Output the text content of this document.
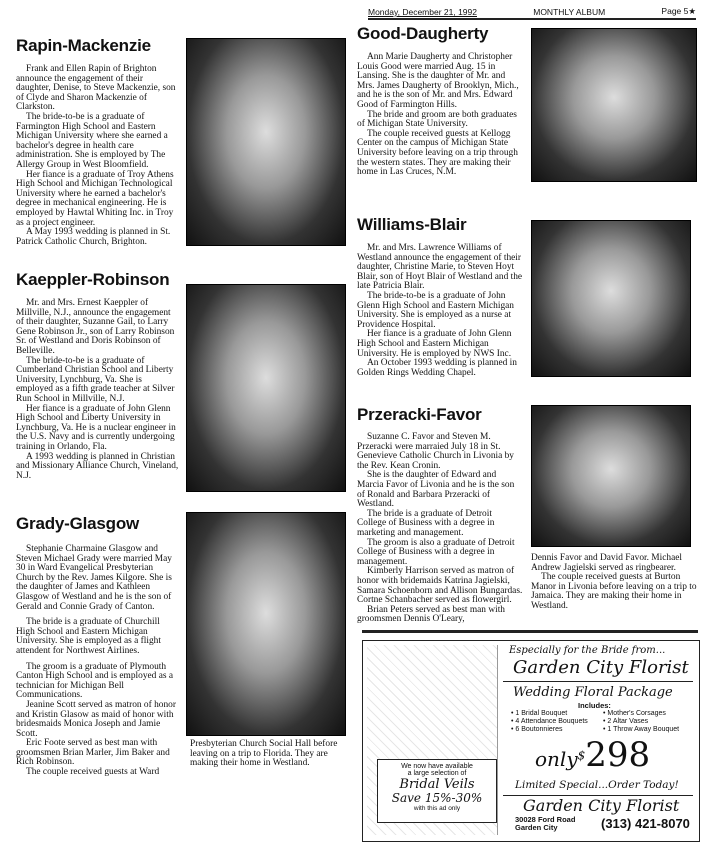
Monday, December 21, 1992	MONTHLY ALBUM	Page 5★
Rapin-Mackenzie

Frank and Ellen Rapin of Brighton announce the engagement of their daughter, Denise, to Steve Mackenzie, son of Clyde and Sharon Mackenzie of Clarkston.

The bride-to-be is a graduate of Farmington High School and Eastern Michigan University where she earned a bachelor's degree in health care administration. She is employed by The Allergy Group in West Bloomfield.

Her fiance is a graduate of Troy Athens High School and Michigan Technological University where he earned a bachelor's degree in mechanical engineering. He is employed by Hawtal Whiting Inc. in Troy as a project engineer.

A May 1993 wedding is planned in St. Patrick Catholic Church, Brighton.

Kaeppler-Robinson

Mr. and Mrs. Ernest Kaeppler of Millville, N.J., announce the engagement of their daughter, Suzanne Gail, to Larry Gene Robinson Jr., son of Larry Robinson Sr. of Westland and Doris Robinson of Belleville.

The bride-to-be is a graduate of Cumberland Christian School and Liberty University, Lynchburg, Va. She is employed as a fifth grade teacher at Silver Run School in Millville, N.J.

Her fiance is a graduate of John Glenn High School and Liberty University in Lynchburg, Va. He is a nuclear engineer in the U.S. Navy and is currently undergoing training in Orlando, Fla.

A 1993 wedding is planned in Christian and Missionary Alliance Church, Vineland, N.J.

Grady-Glasgow

Stephanie Charmaine Glasgow and Steven Michael Grady were married May 30 in Ward Evangelical Presbyterian Church by the Rev. James Kilgore. She is the daughter of James and Kathleen Glasgow of Westland and he is the son of Gerald and Connie Grady of Canton.

The bride is a graduate of Churchill High School and Eastern Michigan University. She is employed as a flight attendent for Northwest Airlines.

The groom is a graduate of Plymouth Canton High School and is employed as a technician for Michigan Bell Communications.

Jeanine Scott served as matron of honor and Kristin Glasow as maid of honor with bridesmaids Monica Joseph and Jamie Scott.

Eric Foote served as best man with groomsmen Brian Marler, Jim Baker and Rich Robinson.

The couple received guests at Ward

Presbyterian Church Social Hall before leaving on a trip to Florida. They are making their home in Westland.
Good-Daugherty

Ann Marie Daugherty and Christopher Louis Good were married Aug. 15 in Lansing. She is the daughter of Mr. and Mrs. James Daugherty of Brooklyn, Mich., and he is the son of Mr. and Mrs. Edward Good of Farmington Hills.

The bride and groom are both graduates of Michigan State University.

The couple received guests at Kellogg Center on the campus of Michigan State University before leaving on a trip through the western states. They are making their home in Las Cruces, N.M.

Williams-Blair

Mr. and Mrs. Lawrence Williams of Westland announce the engagement of their daughter, Christine Marie, to Steven Hoyt Blair, son of Hoyt Blair of Westland and the late Patricia Blair.

The bride-to-be is a graduate of John Glenn High School and Eastern Michigan University. She is employed as a nurse at Providence Hospital.

Her fiance is a graduate of John Glenn High School and Eastern Michigan University. He is employed by NWS Inc.

An October 1993 wedding is planned in Golden Rings Wedding Chapel.

Przeracki-Favor

Suzanne C. Favor and Steven M. Przeracki were marraied July 18 in St. Genevieve Catholic Church in Livonia by the Rev. Kean Cronin.

She is the daughter of Edward and Marcia Favor of Livonia and he is the son of Ronald and Barbara Przeracki of Westland.

The bride is a graduate of Detroit College of Business with a degree in marketing and management.

The groom is also a graduate of Detroit College of Business with a degree in management.

Kimberly Harrison served as matron of honor with bridemaids Katrina Jagielski, Samara Schoenborn and Allison Bungardas. Cortne Schanbacher served as flowergirl.

Brian Peters served as best man with groomsmen Dennis O'Leary,

Dennis Favor and David Favor. Michael Andrew Jagielski served as ringbearer.

The couple received guests at Burton Manor in Livonia before leaving on a trip to Jamaica. They are making their home in Westland.

We now have available
a large selection of
Bridal Veils
Save 15%-30%
with this ad only
Especially for the Bride from...
Garden City Florist
Wedding Floral Package
Includes:
• 1 Bridal Bouquet
• 4 Attendance Bouquets
• 6 Boutonnieres
• Mother's Corsages
• 2 Altar Vases
• 1 Throw Away Bouquet
only$298
Limited Special...Order Today!
Garden City Florist
30028 Ford Road
Garden City	(313) 421-8070
